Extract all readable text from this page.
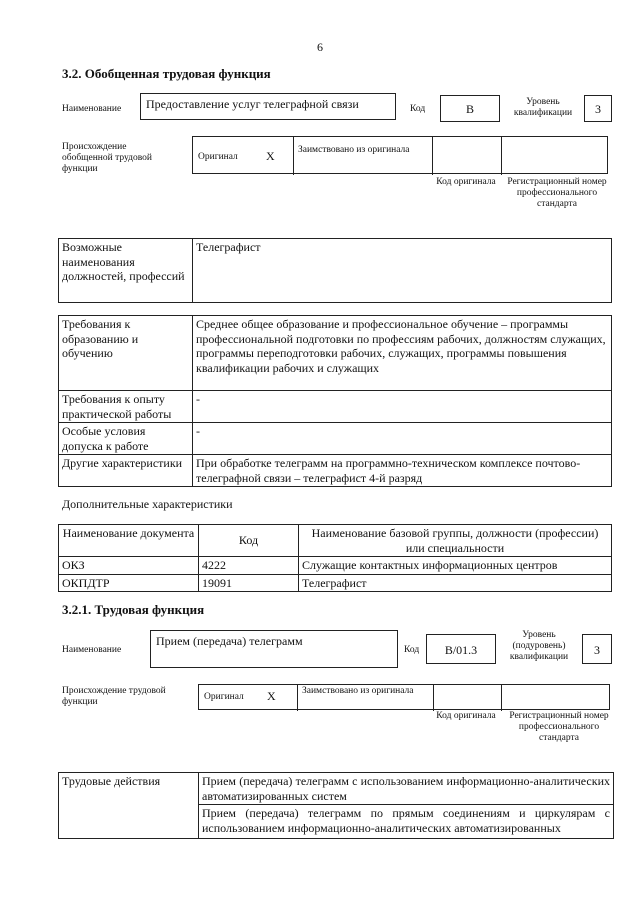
6
3.2. Обобщенная трудовая функция
Наименование	Предоставление услуг телеграфной связи	Код	B	Уровень квалификации	3
Происхождение обобщенной трудовой функции
Оригинал X Заимствовано из оригинала
Код оригинала	Регистрационный номер профессионального стандарта
Возможные наименования должностей, профессий	Телеграфист
Требования к образованию и обучению	Среднее общее образование и профессиональное обучение – программы профессиональной подготовки по профессиям рабочих, должностям служащих, программы переподготовки рабочих, служащих, программы повышения квалификации рабочих и служащих
Требования к опыту практической работы	-
Особые условия допуска к работе	-
Другие характеристики	При обработке телеграмм на программно-техническом комплексе почтово-телеграфной связи – телеграфист 4-й разряд
Дополнительные характеристики
Наименование документа	Код	Наименование базовой группы, должности (профессии) или специальности
ОКЗ	4222	Служащие контактных информационных центров
ОКПДТР	19091	Телеграфист
3.2.1. Трудовая функция
Наименование
Прием (передача) телеграмм
Код	B/01.3
Уровень (подуровень) квалификации	3
Происхождение трудовой функции	Оригинал X	Заимствовано из оригинала
Код оригинала	Регистрационный номер профессионального стандарта
Трудовые действия	Прием (передача) телеграмм с использованием информационно-аналитических автоматизированных систем
Прием (передача) телеграмм по прямым соединениям и циркулярам с использованием информационно-аналитических автоматизированных
